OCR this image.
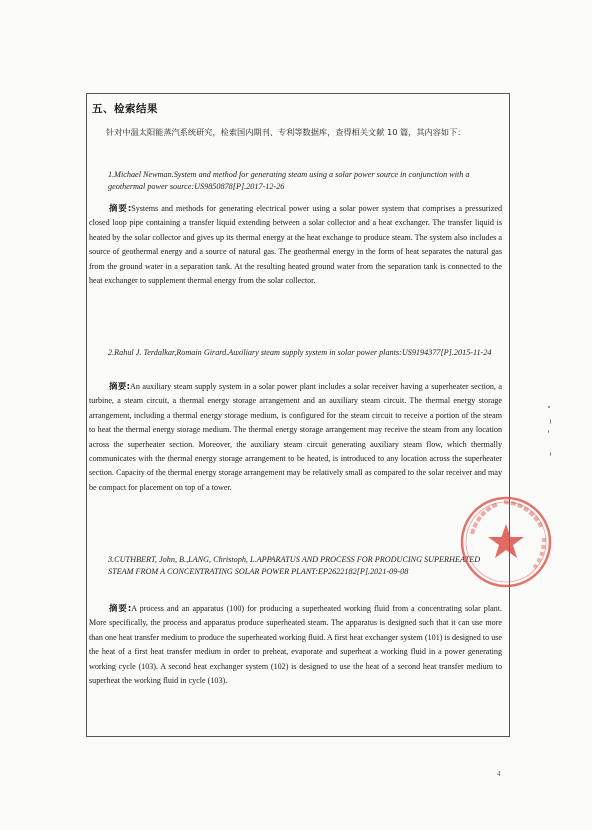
五、检索结果
针对中温太阳能蒸汽系统研究，检索国内期刊、专利等数据库，查得相关文献 10 篇，其内容如下：
1.Michael Newman.System and method for generating steam using a solar power source in conjunction with a geothermal power source:US9850878[P].2017-12-26
摘要:Systems and methods for generating electrical power using a solar power system that comprises a pressurized closed loop pipe containing a transfer liquid extending between a solar collector and a heat exchanger. The transfer liquid is heated by the solar collector and gives up its thermal energy at the heat exchange to produce steam. The system also includes a source of geothermal energy and a source of natural gas. The geothermal energy in the form of heat separates the natural gas from the ground water in a separation tank. At the resulting heated ground water from the separation tank is connected to the heat exchanger to supplement thermal energy from the solar collector.
2.Rahul J. Terdalkar,Romain Girard.Auxiliary steam supply system in solar power plants:US9194377[P].2015-11-24
摘要:An auxiliary steam supply system in a solar power plant includes a solar receiver having a superheater section, a turbine, a steam circuit, a thermal energy storage arrangement and an auxiliary steam circuit. The thermal energy storage arrangement, including a thermal energy storage medium, is configured for the steam circuit to receive a portion of the steam to heat the thermal energy storage medium. The thermal energy storage arrangement may receive the steam from any location across the superheater section. Moreover, the auxiliary steam circuit generating auxiliary steam flow, which thermally communicates with the thermal energy storage arrangement to be heated, is introduced to any location across the superheater section. Capacity of the thermal energy storage arrangement may be relatively small as compared to the solar receiver and may be compact for placement on top of a tower.
3.CUTHBERT, John, B.,LANG, Christoph, L.APPARATUS AND PROCESS FOR PRODUCING SUPERHEATED STEAM FROM A CONCENTRATING SOLAR POWER PLANT:EP2622182[P].2021-09-08
摘要:A process and an apparatus (100) for producing a superheated working fluid from a concentrating solar plant. More specifically, the process and apparatus produce superheated steam. The apparatus is designed such that it can use more than one heat transfer medium to produce the superheated working fluid. A first heat exchanger system (101) is designed to use the heat of a first heat transfer medium in order to preheat, evaporate and superheat a working fluid in a power generating working cycle (103). A second heat exchanger system (102) is designed to use the heat of a second heat transfer medium to superheat the working fluid in cycle (103).
4
